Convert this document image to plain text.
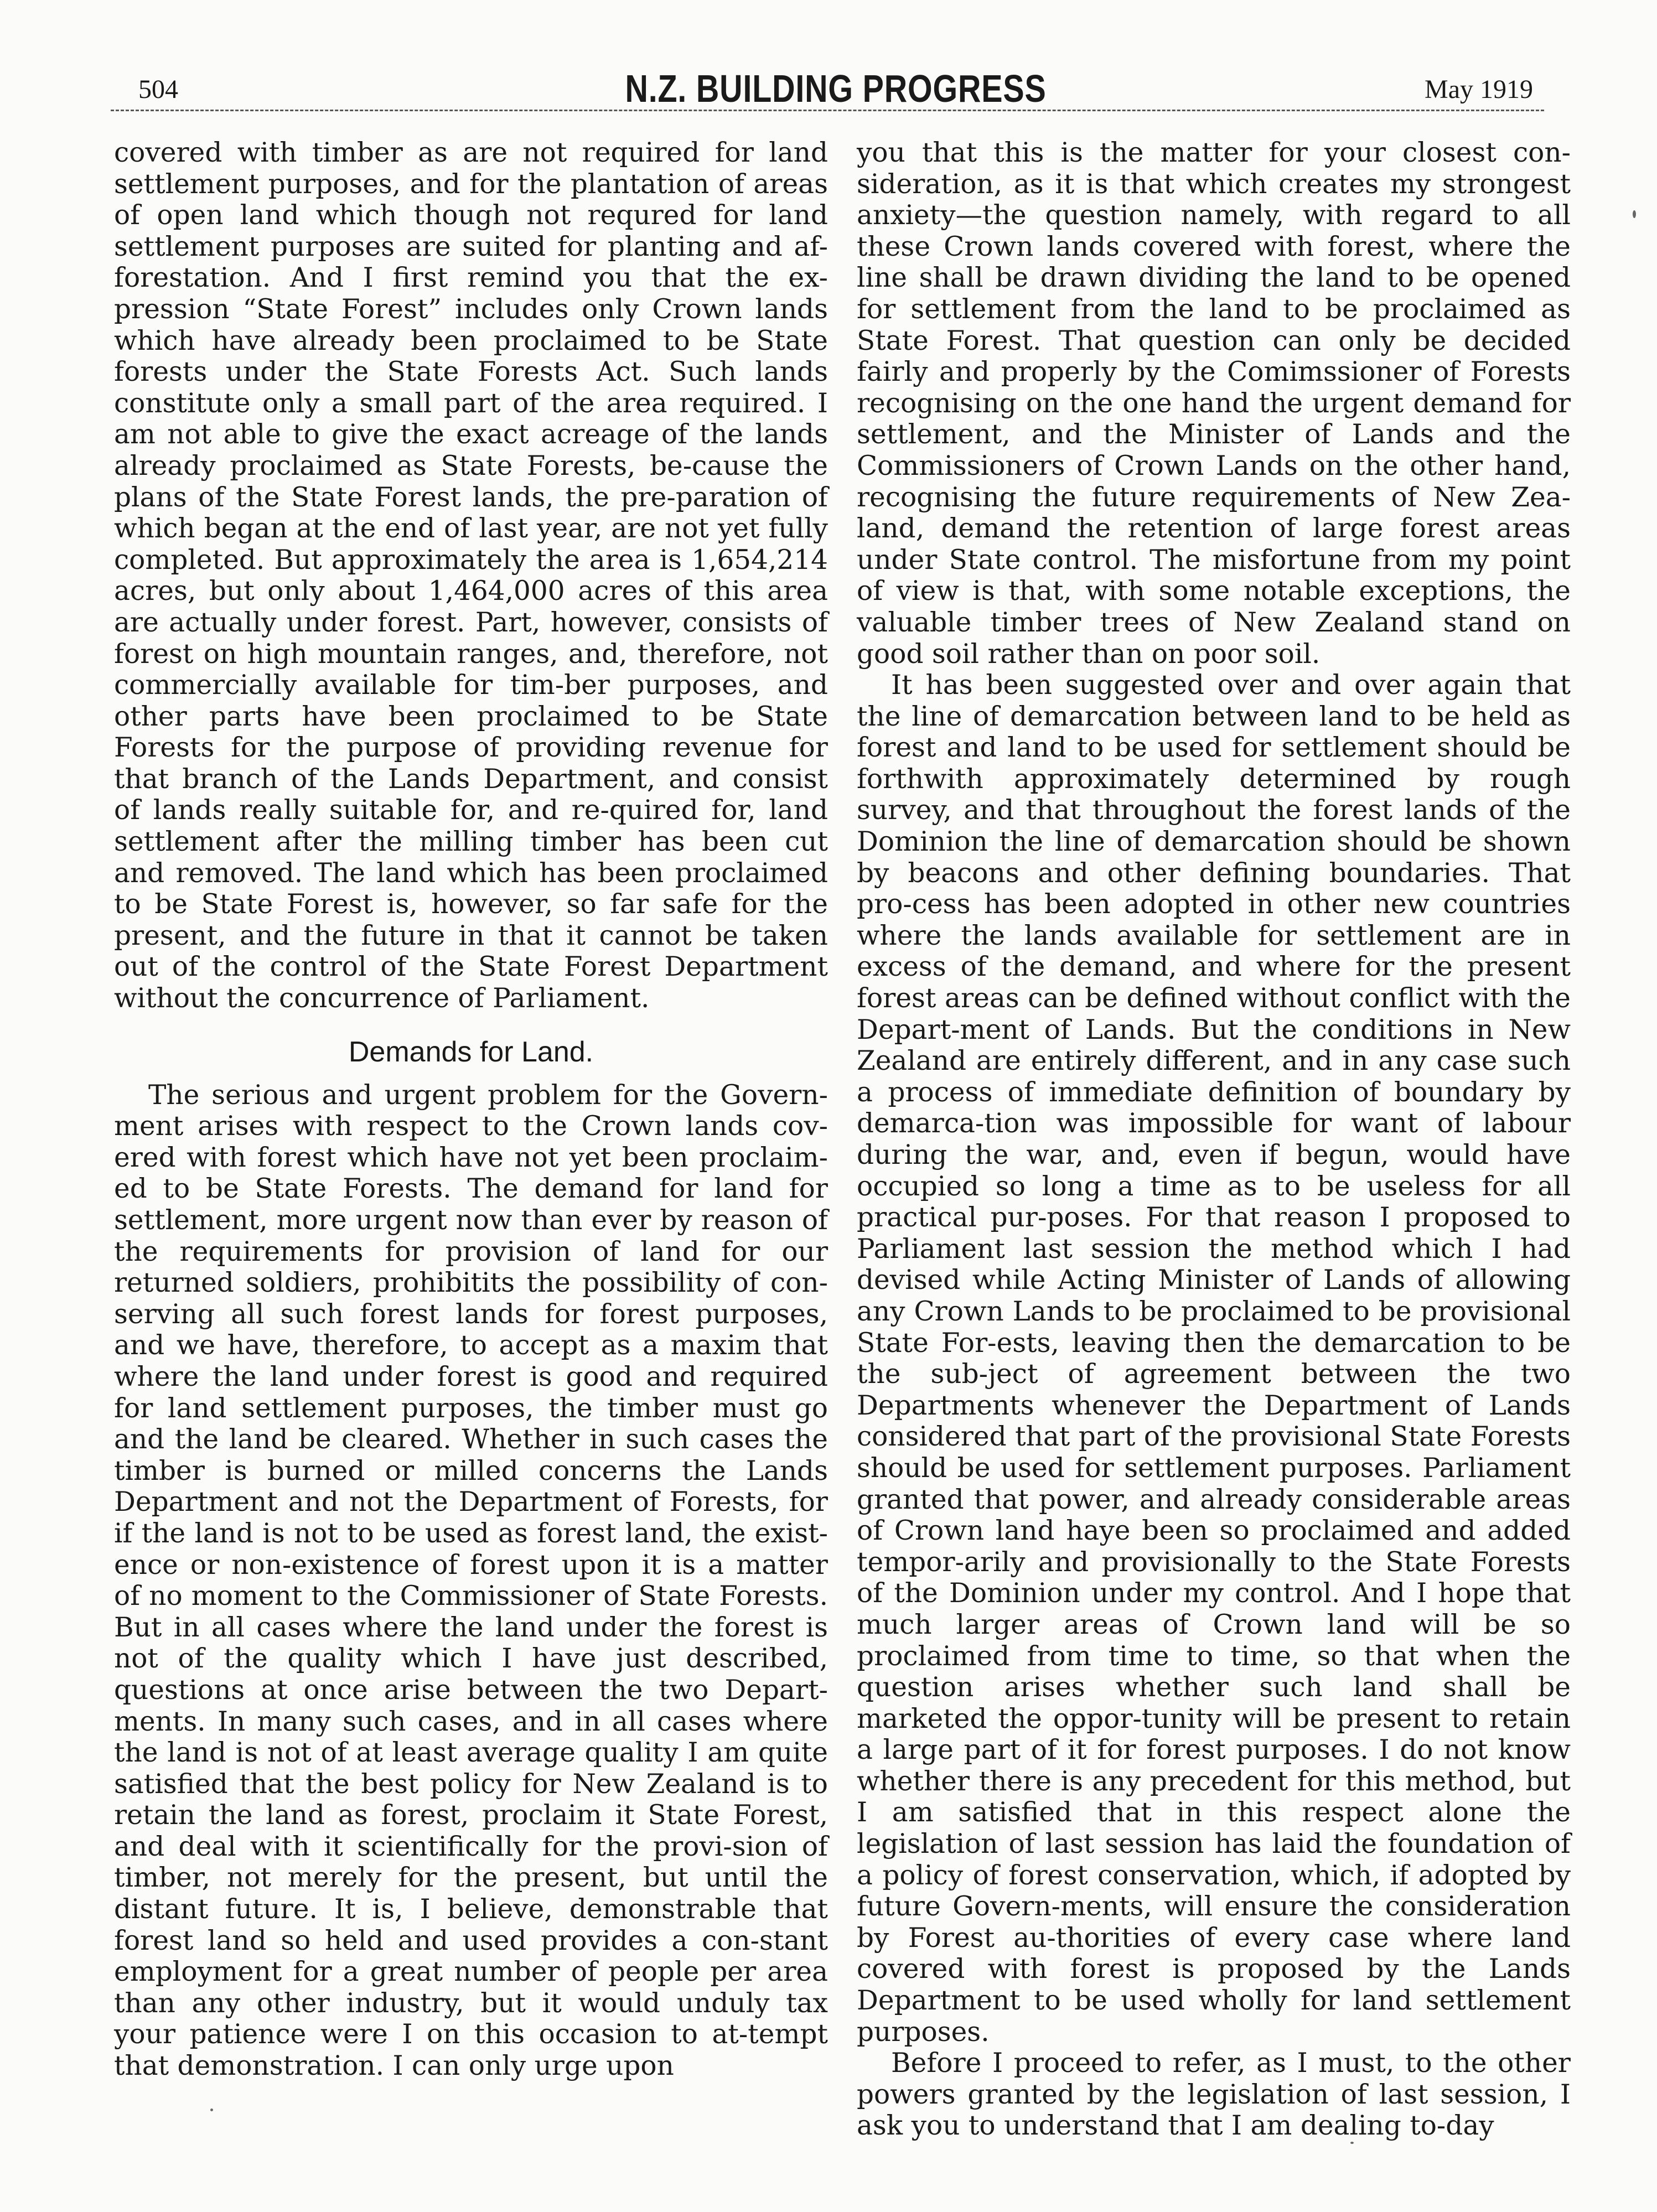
504	N.Z. BUILDING PROGRESS	May 1919

covered with timber as are not required for land settlement purposes, and for the plantation of areas of open land which though not requred for land settlement purposes are suited for planting and af-forestation. And I first remind you that the ex-pression “State Forest” includes only Crown lands which have already been proclaimed to be State forests under the State Forests Act. Such lands constitute only a small part of the area required. I am not able to give the exact acreage of the lands already proclaimed as State Forests, be-cause the plans of the State Forest lands, the pre-paration of which began at the end of last year, are not yet fully completed. But approximately the area is 1,654,214 acres, but only about 1,464,000 acres of this area are actually under forest. Part, however, consists of forest on high mountain ranges, and, therefore, not commercially available for tim-ber purposes, and other parts have been proclaimed to be State Forests for the purpose of providing revenue for that branch of the Lands Department, and consist of lands really suitable for, and re-quired for, land settlement after the milling timber has been cut and removed. The land which has been proclaimed to be State Forest is, however, so far safe for the present, and the future in that it cannot be taken out of the control of the State Forest Department without the concurrence of Parliament.

Demands for Land.

The serious and urgent problem for the Govern-ment arises with respect to the Crown lands cov-ered with forest which have not yet been proclaim-ed to be State Forests. The demand for land for settlement, more urgent now than ever by reason of the requirements for provision of land for our returned soldiers, prohibitits the possibility of con-serving all such forest lands for forest purposes, and we have, therefore, to accept as a maxim that where the land under forest is good and required for land settlement purposes, the timber must go and the land be cleared. Whether in such cases the timber is burned or milled concerns the Lands Department and not the Department of Forests, for if the land is not to be used as forest land, the exist-ence or non-existence of forest upon it is a matter of no moment to the Commissioner of State Forests. But in all cases where the land under the forest is not of the quality which I have just described, questions at once arise between the two Depart-ments. In many such cases, and in all cases where the land is not of at least average quality I am quite satisfied that the best policy for New Zealand is to retain the land as forest, proclaim it State Forest, and deal with it scientifically for the provi-sion of timber, not merely for the present, but until the distant future. It is, I believe, demonstrable that forest land so held and used provides a con-stant employment for a great number of people per area than any other industry, but it would unduly tax your patience were I on this occasion to at-tempt that demonstration. I can only urge upon

you that this is the matter for your closest con-sideration, as it is that which creates my strongest anxiety—the question namely, with regard to all these Crown lands covered with forest, where the line shall be drawn dividing the land to be opened for settlement from the land to be proclaimed as State Forest. That question can only be decided fairly and properly by the Comimssioner of Forests recognising on the one hand the urgent demand for settlement, and the Minister of Lands and the Commissioners of Crown Lands on the other hand, recognising the future requirements of New Zea-land, demand the retention of large forest areas under State control. The misfortune from my point of view is that, with some notable exceptions, the valuable timber trees of New Zealand stand on good soil rather than on poor soil.

It has been suggested over and over again that the line of demarcation between land to be held as forest and land to be used for settlement should be forthwith approximately determined by rough survey, and that throughout the forest lands of the Dominion the line of demarcation should be shown by beacons and other defining boundaries. That pro-cess has been adopted in other new countries where the lands available for settlement are in excess of the demand, and where for the present forest areas can be defined without conflict with the Depart-ment of Lands. But the conditions in New Zealand are entirely different, and in any case such a process of immediate definition of boundary by demarca-tion was impossible for want of labour during the war, and, even if begun, would have occupied so long a time as to be useless for all practical pur-poses. For that reason I proposed to Parliament last session the method which I had devised while Acting Minister of Lands of allowing any Crown Lands to be proclaimed to be provisional State For-ests, leaving then the demarcation to be the sub-ject of agreement between the two Departments whenever the Department of Lands considered that part of the provisional State Forests should be used for settlement purposes. Parliament granted that power, and already considerable areas of Crown land haye been so proclaimed and added tempor-arily and provisionally to the State Forests of the Dominion under my control. And I hope that much larger areas of Crown land will be so proclaimed from time to time, so that when the question arises whether such land shall be marketed the oppor-tunity will be present to retain a large part of it for forest purposes. I do not know whether there is any precedent for this method, but I am satisfied that in this respect alone the legislation of last session has laid the foundation of a policy of forest conservation, which, if adopted by future Govern-ments, will ensure the consideration by Forest au-thorities of every case where land covered with forest is proposed by the Lands Department to be used wholly for land settlement purposes.

Before I proceed to refer, as I must, to the other powers granted by the legislation of last session, I ask you to understand that I am dealing to-day
